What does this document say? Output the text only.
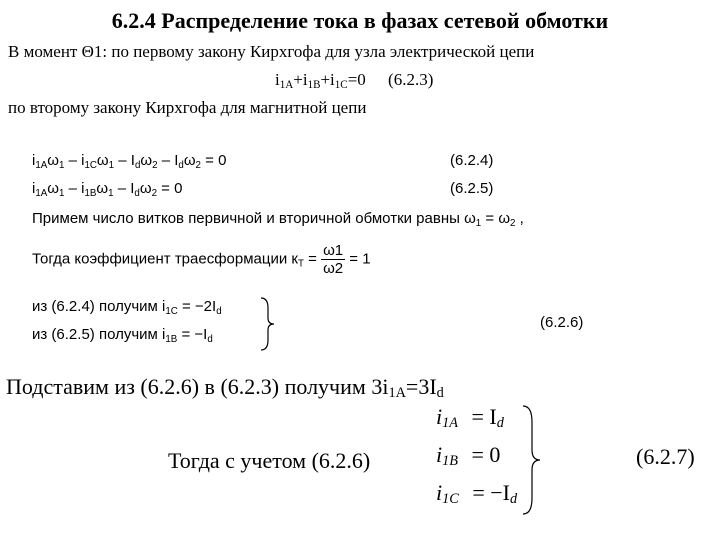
6.2.4 Распределение тока в фазах сетевой обмотки
В момент Θ1: по первому закону Кирхгофа для узла электрической цепи
$i_{1A}+i_{1B}+i_{1C}=0$ (6.2.3)
по второму закону Кирхгофа для магнитной цепи
$i_{1A}\omega_1 - i_{1C}\omega_1 - I_d\omega_2 - I_d\omega_2 = 0$	(6.2.4)
$i_{1A}\omega_1 - i_{1B}\omega_1 - I_d\omega_2 = 0$	(6.2.5)
Примем число витков первичной и вторичной обмотки равны $\omega_1 = \omega_2$ ,
Тогда коэффициент траесформации $к_T = \frac{\omega 1}{\omega 2} = 1$
из (6.2.4) получим $i_{1C} = -2I_d$
из (6.2.5) получим $i_{1B} = -I_d$
(6.2.6)
Подставим из (6.2.6) в (6.2.3) получим $3i_{1A}=3I_d$
Тогда с учетом (6.2.6)
$i_{1A} = I_d$
$i_{1B} = 0$
$i_{1C} = -I_d$
(6.2.7)
